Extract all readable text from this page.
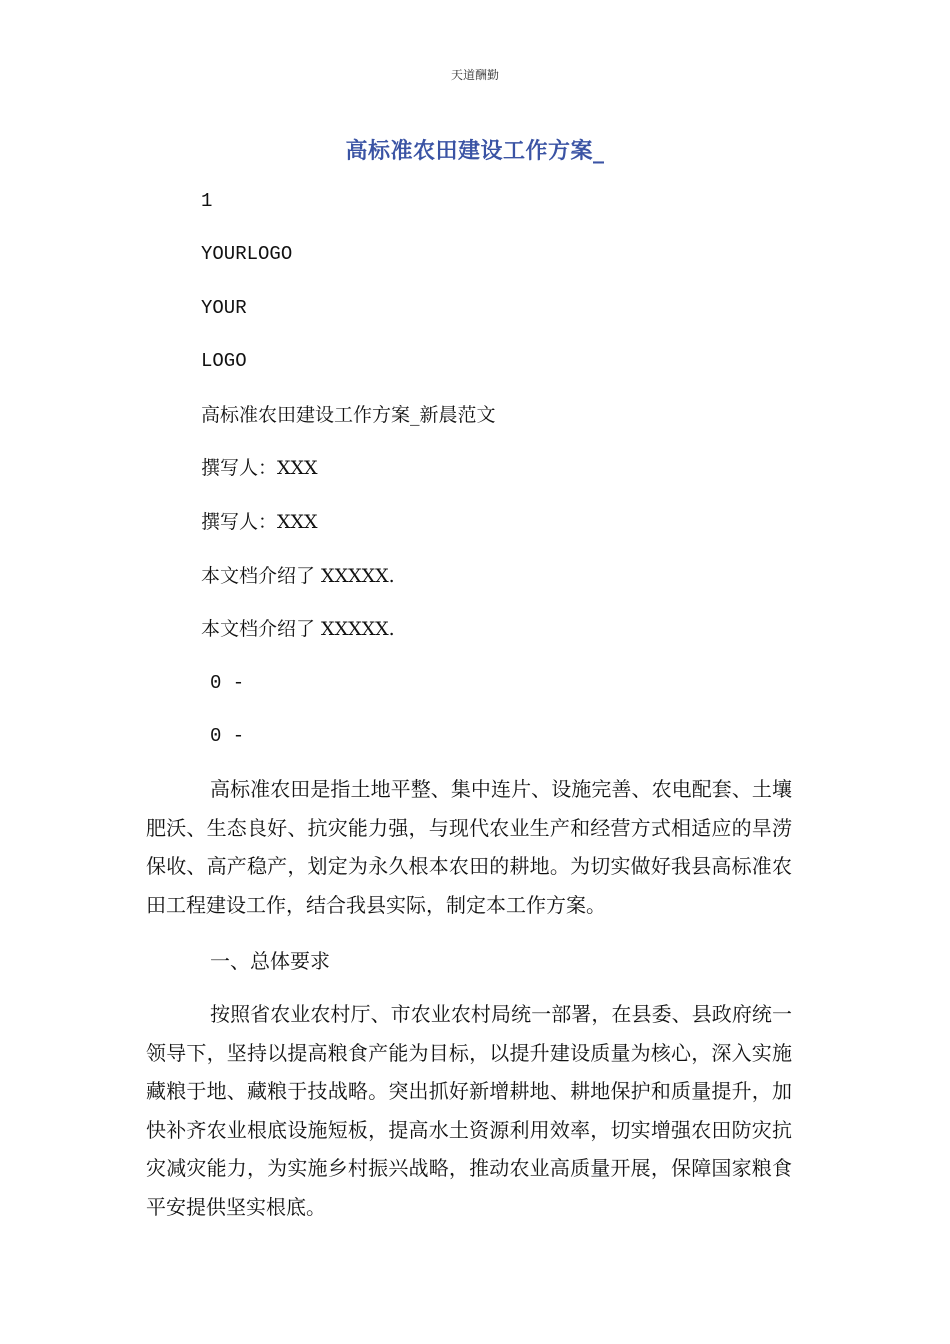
天道酬勤
高标准农田建设工作方案_
1
YOURLOGO
YOUR
LOGO
高标准农田建设工作方案_新晨范文
撰写人：XXX
撰写人：XXX
本文档介绍了 XXXXX.
本文档介绍了 XXXXX.
0 -
0 -

高标准农田是指土地平整、集中连片、设施完善、农电配套、土壤肥沃、生态良好、抗灾能力强，与现代农业生产和经营方式相适应的旱涝保收、高产稳产，划定为永久根本农田的耕地。为切实做好我县高标准农田工程建设工作，结合我县实际，制定本工作方案。

一、总体要求

按照省农业农村厅、市农业农村局统一部署，在县委、县政府统一领导下，坚持以提高粮食产能为目标，以提升建设质量为核心，深入实施藏粮于地、藏粮于技战略。突出抓好新增耕地、耕地保护和质量提升，加快补齐农业根底设施短板，提高水土资源利用效率，切实增强农田防灾抗灾减灾能力，为实施乡村振兴战略，推动农业高质量开展，保障国家粮食平安提供坚实根底。
